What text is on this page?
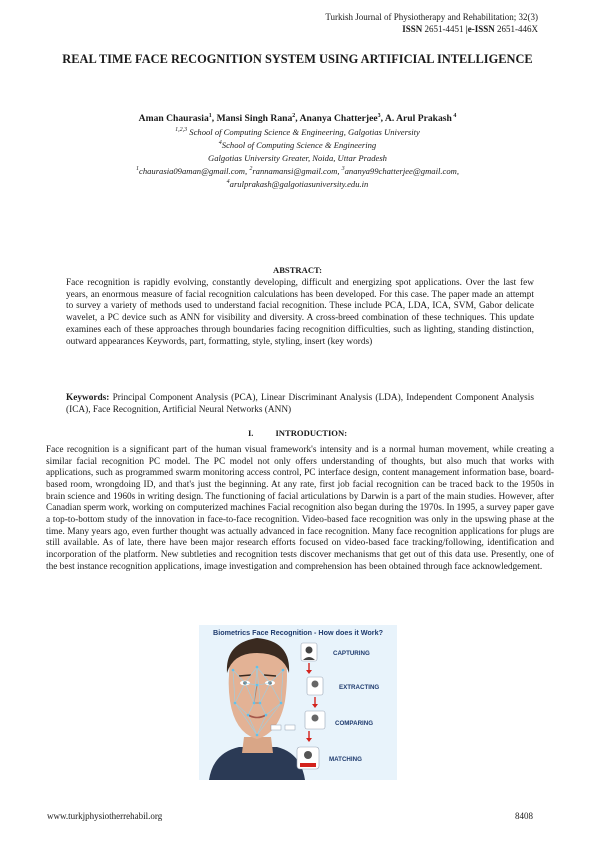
Turkish Journal of Physiotherapy and Rehabilitation; 32(3)
ISSN 2651-4451 |e-ISSN 2651-446X
REAL TIME FACE RECOGNITION SYSTEM USING ARTIFICIAL INTELLIGENCE
Aman Chaurasia$^1$, Mansi Singh Rana$^2$, Ananya Chatterjee$^3$, A. Arul Prakash $^4$
$^{1,2,3}$ School of Computing Science & Engineering, Galgotias University
$^4$School of Computing Science & Engineering
Galgotias University Greater, Noida, Uttar Pradesh
$^1$chaurasia09aman@gmail.com, $^2$rannamansi@gmail.com, $^3$ananya99chatterjee@gmail.com,
$^4$arulprakash@galgotiasuniversity.edu.in
ABSTRACT:
Face recognition is rapidly evolving, constantly developing, difficult and energizing spot applications. Over the last few years, an enormous measure of facial recognition calculations has been developed. For this case. The paper made an attempt to survey a variety of methods used to understand facial recognition. These include PCA, LDA, ICA, SVM, Gabor delicate wavelet, a PC device such as ANN for visibility and diversity. A cross-breed combination of these techniques. This update examines each of these approaches through boundaries facing recognition difficulties, such as lighting, standing distinction, outward appearances Keywords, part, formatting, style, styling, insert (key words)
Keywords: Principal Component Analysis (PCA), Linear Discriminant Analysis (LDA), Independent Component Analysis (ICA), Face Recognition, Artificial Neural Networks (ANN)
I.	INTRODUCTION:
Face recognition is a significant part of the human visual framework's intensity and is a normal human movement, while creating a similar facial recognition PC model. The PC model not only offers understanding of thoughts, but also much that works with applications, such as programmed swarm monitoring access control, PC interface design, content management information base, board-based room, wrongdoing ID, and that's just the beginning. At any rate, first job facial recognition can be traced back to the 1950s in brain science and 1960s in writing design. The functioning of facial articulations by Darwin is a part of the main studies. However, after Canadian sperm work, working on computerized machines Facial recognition also began during the 1970s. In 1995, a survey paper gave a top-to-bottom study of the innovation in face-to-face recognition. Video-based face recognition was only in the upswing phase at the time. Many years ago, even further thought was actually advanced in face recognition. Many face recognition applications for plugs are still available. As of late, there have been major research efforts focused on video-based face tracking/following, identification and incorporation of the platform. New subtleties and recognition tests discover mechanisms that get out of this data use. Presently, one of the best instance recognition applications, image investigation and comprehension has been obtained through face acknowledgement.
Biometrics Face Recognition - How does it Work?
CAPTURING
EXTRACTING
COMPARING
MATCHING
www.turkjphysiotherrehabil.org	8408
